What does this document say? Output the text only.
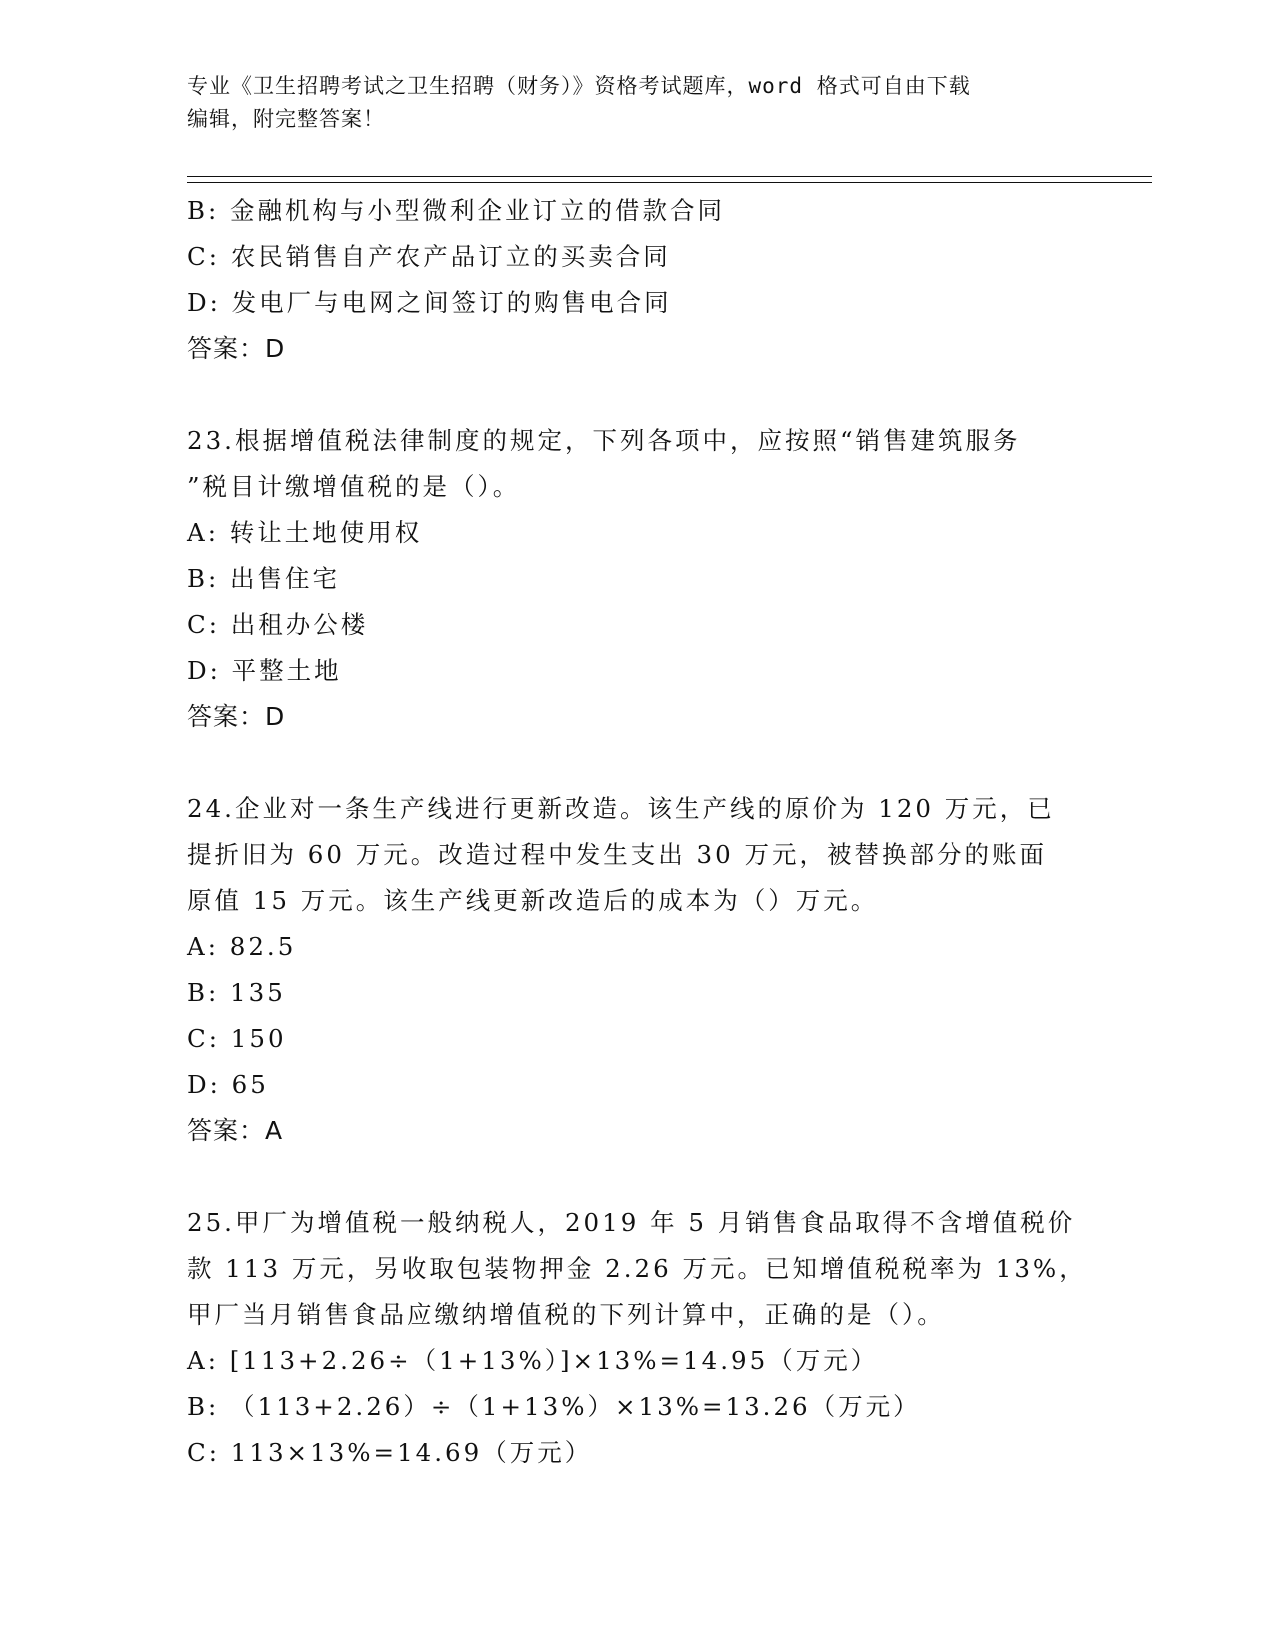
专业《卫生招聘考试之卫生招聘（财务）》资格考试题库，word 格式可自由下载
编辑，附完整答案！
B: 金融机构与小型微利企业订立的借款合同
C: 农民销售自产农产品订立的买卖合同
D: 发电厂与电网之间签订的购售电合同
答案：D
23.根据增值税法律制度的规定，下列各项中，应按照“销售建筑服务
”税目计缴增值税的是（）。
A: 转让土地使用权
B: 出售住宅
C: 出租办公楼
D: 平整土地
答案：D
24.企业对一条生产线进行更新改造。该生产线的原价为 120 万元，已
提折旧为 60 万元。改造过程中发生支出 30 万元，被替换部分的账面
原值 15 万元。该生产线更新改造后的成本为（）万元。
A: 82.5
B: 135
C: 150
D: 65
答案：A
25.甲厂为增值税一般纳税人，2019 年 5 月销售食品取得不含增值税价
款 113 万元，另收取包装物押金 2.26 万元。已知增值税税率为 13%，
甲厂当月销售食品应缴纳增值税的下列计算中，正确的是（）。
A: [113+2.26÷（1+13%）]×13%=14.95（万元）
B: （113+2.26）÷（1+13%）×13%=13.26（万元）
C: 113×13%=14.69（万元）
